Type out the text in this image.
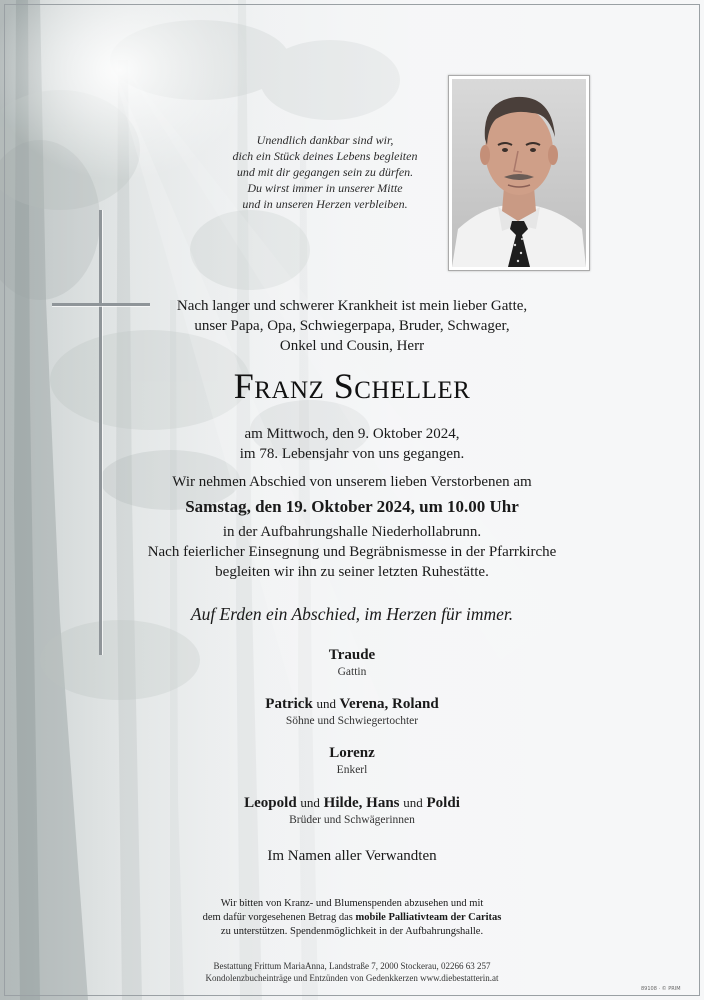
Unendlich dankbar sind wir,
dich ein Stück deines Lebens begleiten
und mit dir gegangen sein zu dürfen.
Du wirst immer in unserer Mitte
und in unseren Herzen verbleiben.
Nach langer und schwerer Krankheit ist mein lieber Gatte,
unser Papa, Opa, Schwiegerpapa, Bruder, Schwager,
Onkel und Cousin, Herr
Franz Scheller
am Mittwoch, den 9. Oktober 2024,
im 78. Lebensjahr von uns gegangen.
Wir nehmen Abschied von unserem lieben Verstorbenen am
Samstag, den 19. Oktober 2024, um 10.00 Uhr
in der Aufbahrungshalle Niederhollabrunn.
Nach feierlicher Einsegnung und Begräbnismesse in der Pfarrkirche
begleiten wir ihn zu seiner letzten Ruhestätte.
Auf Erden ein Abschied, im Herzen für immer.
Traude
Gattin
Patrick und Verena, Roland
Söhne und Schwiegertochter
Lorenz
Enkerl
Leopold und Hilde, Hans und Poldi
Brüder und Schwägerinnen
Im Namen aller Verwandten
Wir bitten von Kranz- und Blumenspenden abzusehen und mit
dem dafür vorgesehenen Betrag das mobile Palliativteam der Caritas
zu unterstützen. Spendenmöglichkeit in der Aufbahrungshalle.
Bestattung Frittum MariaAnna, Landstraße 7, 2000 Stockerau, 02266 63 257
Kondolenzbucheinträge und Entzünden von Gedenkkerzen www.diebestatterin.at
89108 · © PRIM
